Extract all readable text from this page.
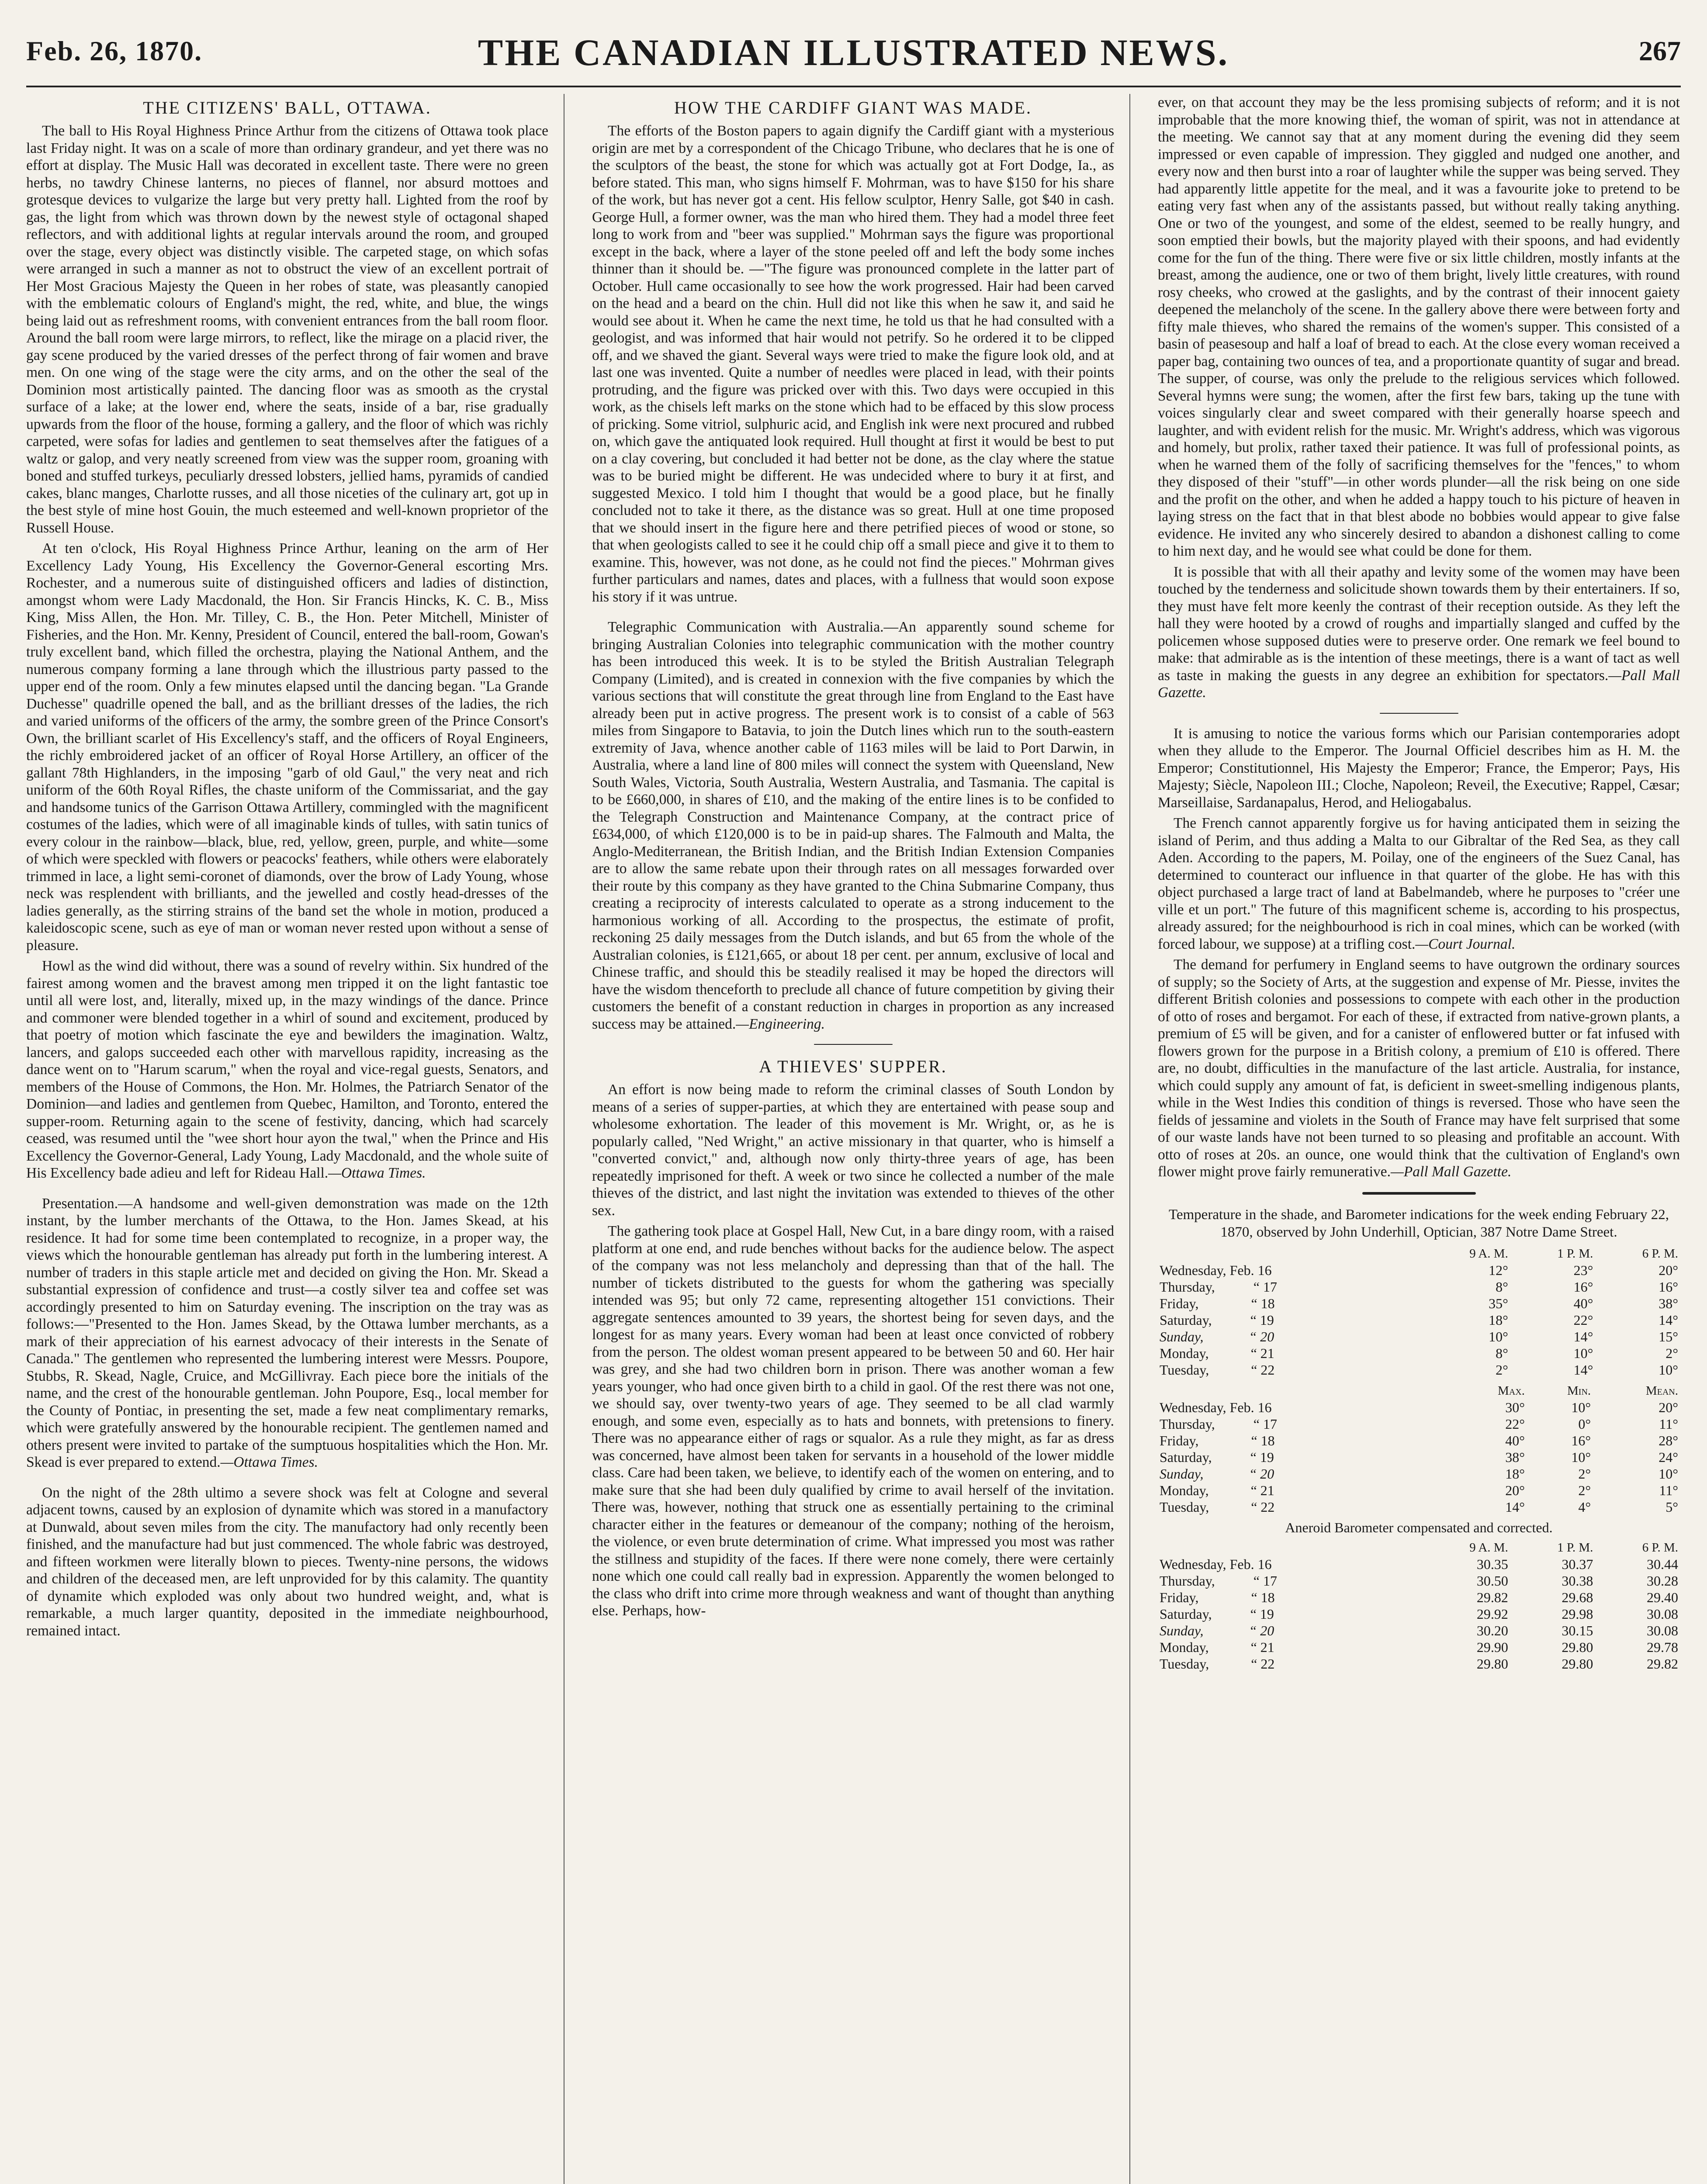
Feb. 26, 1870.	THE CANADIAN ILLUSTRATED NEWS.	267
THE CITIZENS' BALL, OTTAWA.

The ball to His Royal Highness Prince Arthur from the citizens of Ottawa took place last Friday night. It was on a scale of more than ordinary grandeur, and yet there was no effort at display. The Music Hall was decorated in excellent taste. There were no green herbs, no tawdry Chinese lanterns, no pieces of flannel, nor absurd mottoes and grotesque devices to vulgarize the large but very pretty hall. Lighted from the roof by gas, the light from which was thrown down by the newest style of octagonal shaped reflectors, and with additional lights at regular intervals around the room, and grouped over the stage, every object was distinctly visible. The carpeted stage, on which sofas were arranged in such a manner as not to obstruct the view of an excellent portrait of Her Most Gracious Majesty the Queen in her robes of state, was pleasantly canopied with the emblematic colours of England's might, the red, white, and blue, the wings being laid out as refreshment rooms, with convenient entrances from the ball room floor. Around the ball room were large mirrors, to reflect, like the mirage on a placid river, the gay scene produced by the varied dresses of the perfect throng of fair women and brave men. On one wing of the stage were the city arms, and on the other the seal of the Dominion most artistically painted. The dancing floor was as smooth as the crystal surface of a lake; at the lower end, where the seats, inside of a bar, rise gradually upwards from the floor of the house, forming a gallery, and the floor of which was richly carpeted, were sofas for ladies and gentlemen to seat themselves after the fatigues of a waltz or galop, and very neatly screened from view was the supper room, groaning with boned and stuffed turkeys, peculiarly dressed lobsters, jellied hams, pyramids of candied cakes, blanc manges, Charlotte russes, and all those niceties of the culinary art, got up in the best style of mine host Gouin, the much esteemed and well-known proprietor of the Russell House.

At ten o'clock, His Royal Highness Prince Arthur, leaning on the arm of Her Excellency Lady Young, His Excellency the Governor-General escorting Mrs. Rochester, and a numerous suite of distinguished officers and ladies of distinction, amongst whom were Lady Macdonald, the Hon. Sir Francis Hincks, K. C. B., Miss King, Miss Allen, the Hon. Mr. Tilley, C. B., the Hon. Peter Mitchell, Minister of Fisheries, and the Hon. Mr. Kenny, President of Council, entered the ball-room, Gowan's truly excellent band, which filled the orchestra, playing the National Anthem, and the numerous company forming a lane through which the illustrious party passed to the upper end of the room. Only a few minutes elapsed until the dancing began. "La Grande Duchesse" quadrille opened the ball, and as the brilliant dresses of the ladies, the rich and varied uniforms of the officers of the army, the sombre green of the Prince Consort's Own, the brilliant scarlet of His Excellency's staff, and the officers of Royal Engineers, the richly embroidered jacket of an officer of Royal Horse Artillery, an officer of the gallant 78th Highlanders, in the imposing "garb of old Gaul," the very neat and rich uniform of the 60th Royal Rifles, the chaste uniform of the Commissariat, and the gay and handsome tunics of the Garrison Ottawa Artillery, commingled with the magnificent costumes of the ladies, which were of all imaginable kinds of tulles, with satin tunics of every colour in the rainbow—black, blue, red, yellow, green, purple, and white—some of which were speckled with flowers or peacocks' feathers, while others were elaborately trimmed in lace, a light semi-coronet of diamonds, over the brow of Lady Young, whose neck was resplendent with brilliants, and the jewelled and costly head-dresses of the ladies generally, as the stirring strains of the band set the whole in motion, produced a kaleidoscopic scene, such as eye of man or woman never rested upon without a sense of pleasure.

Howl as the wind did without, there was a sound of revelry within. Six hundred of the fairest among women and the bravest among men tripped it on the light fantastic toe until all were lost, and, literally, mixed up, in the mazy windings of the dance. Prince and commoner were blended together in a whirl of sound and excitement, produced by that poetry of motion which fascinate the eye and bewilders the imagination. Waltz, lancers, and galops succeeded each other with marvellous rapidity, increasing as the dance went on to "Harum scarum," when the royal and vice-regal guests, Senators, and members of the House of Commons, the Hon. Mr. Holmes, the Patriarch Senator of the Dominion—and ladies and gentlemen from Quebec, Hamilton, and Toronto, entered the supper-room. Returning again to the scene of festivity, dancing, which had scarcely ceased, was resumed until the "wee short hour ayon the twal," when the Prince and His Excellency the Governor-General, Lady Young, Lady Macdonald, and the whole suite of His Excellency bade adieu and left for Rideau Hall.—Ottawa Times.

Presentation.—A handsome and well-given demonstration was made on the 12th instant, by the lumber merchants of the Ottawa, to the Hon. James Skead, at his residence. It had for some time been contemplated to recognize, in a proper way, the views which the honourable gentleman has already put forth in the lumbering interest. A number of traders in this staple article met and decided on giving the Hon. Mr. Skead a substantial expression of confidence and trust—a costly silver tea and coffee set was accordingly presented to him on Saturday evening. The inscription on the tray was as follows:—"Presented to the Hon. James Skead, by the Ottawa lumber merchants, as a mark of their appreciation of his earnest advocacy of their interests in the Senate of Canada." The gentlemen who represented the lumbering interest were Messrs. Poupore, Stubbs, R. Skead, Nagle, Cruice, and McGillivray. Each piece bore the initials of the name, and the crest of the honourable gentleman. John Poupore, Esq., local member for the County of Pontiac, in presenting the set, made a few neat complimentary remarks, which were gratefully answered by the honourable recipient. The gentlemen named and others present were invited to partake of the sumptuous hospitalities which the Hon. Mr. Skead is ever prepared to extend.—Ottawa Times.

On the night of the 28th ultimo a severe shock was felt at Cologne and several adjacent towns, caused by an explosion of dynamite which was stored in a manufactory at Dunwald, about seven miles from the city. The manufactory had only recently been finished, and the manufacture had but just commenced. The whole fabric was destroyed, and fifteen workmen were literally blown to pieces. Twenty-nine persons, the widows and children of the deceased men, are left unprovided for by this calamity. The quantity of dynamite which exploded was only about two hundred weight, and, what is remarkable, a much larger quantity, deposited in the immediate neighbourhood, remained intact.

HOW THE CARDIFF GIANT WAS MADE.

The efforts of the Boston papers to again dignify the Cardiff giant with a mysterious origin are met by a correspondent of the Chicago Tribune, who declares that he is one of the sculptors of the beast, the stone for which was actually got at Fort Dodge, Ia., as before stated. This man, who signs himself F. Mohrman, was to have $150 for his share of the work, but has never got a cent. His fellow sculptor, Henry Salle, got $40 in cash. George Hull, a former owner, was the man who hired them. They had a model three feet long to work from and "beer was supplied." Mohrman says the figure was proportional except in the back, where a layer of the stone peeled off and left the body some inches thinner than it should be. —"The figure was pronounced complete in the latter part of October. Hull came occasionally to see how the work progressed. Hair had been carved on the head and a beard on the chin. Hull did not like this when he saw it, and said he would see about it. When he came the next time, he told us that he had consulted with a geologist, and was informed that hair would not petrify. So he ordered it to be clipped off, and we shaved the giant. Several ways were tried to make the figure look old, and at last one was invented. Quite a number of needles were placed in lead, with their points protruding, and the figure was pricked over with this. Two days were occupied in this work, as the chisels left marks on the stone which had to be effaced by this slow process of pricking. Some vitriol, sulphuric acid, and English ink were next procured and rubbed on, which gave the antiquated look required. Hull thought at first it would be best to put on a clay covering, but concluded it had better not be done, as the clay where the statue was to be buried might be different. He was undecided where to bury it at first, and suggested Mexico. I told him I thought that would be a good place, but he finally concluded not to take it there, as the distance was so great. Hull at one time proposed that we should insert in the figure here and there petrified pieces of wood or stone, so that when geologists called to see it he could chip off a small piece and give it to them to examine. This, however, was not done, as he could not find the pieces." Mohrman gives further particulars and names, dates and places, with a fullness that would soon expose his story if it was untrue.

Telegraphic Communication with Australia.—An apparently sound scheme for bringing Australian Colonies into telegraphic communication with the mother country has been introduced this week. It is to be styled the British Australian Telegraph Company (Limited), and is created in connexion with the five companies by which the various sections that will constitute the great through line from England to the East have already been put in active progress. The present work is to consist of a cable of 563 miles from Singapore to Batavia, to join the Dutch lines which run to the south-eastern extremity of Java, whence another cable of 1163 miles will be laid to Port Darwin, in Australia, where a land line of 800 miles will connect the system with Queensland, New South Wales, Victoria, South Australia, Western Australia, and Tasmania. The capital is to be £660,000, in shares of £10, and the making of the entire lines is to be confided to the Telegraph Construction and Maintenance Company, at the contract price of £634,000, of which £120,000 is to be in paid-up shares. The Falmouth and Malta, the Anglo-Mediterranean, the British Indian, and the British Indian Extension Companies are to allow the same rebate upon their through rates on all messages forwarded over their route by this company as they have granted to the China Submarine Company, thus creating a reciprocity of interests calculated to operate as a strong inducement to the harmonious working of all. According to the prospectus, the estimate of profit, reckoning 25 daily messages from the Dutch islands, and but 65 from the whole of the Australian colonies, is £121,665, or about 18 per cent. per annum, exclusive of local and Chinese traffic, and should this be steadily realised it may be hoped the directors will have the wisdom thenceforth to preclude all chance of future competition by giving their customers the benefit of a constant reduction in charges in proportion as any increased success may be attained.—Engineering.

A THIEVES' SUPPER.

An effort is now being made to reform the criminal classes of South London by means of a series of supper-parties, at which they are entertained with pease soup and wholesome exhortation. The leader of this movement is Mr. Wright, or, as he is popularly called, "Ned Wright," an active missionary in that quarter, who is himself a "converted convict," and, although now only thirty-three years of age, has been repeatedly imprisoned for theft. A week or two since he collected a number of the male thieves of the district, and last night the invitation was extended to thieves of the other sex.

The gathering took place at Gospel Hall, New Cut, in a bare dingy room, with a raised platform at one end, and rude benches without backs for the audience below. The aspect of the company was not less melancholy and depressing than that of the hall. The number of tickets distributed to the guests for whom the gathering was specially intended was 95; but only 72 came, representing altogether 151 convictions. Their aggregate sentences amounted to 39 years, the shortest being for seven days, and the longest for as many years. Every woman had been at least once convicted of robbery from the person. The oldest woman present appeared to be between 50 and 60. Her hair was grey, and she had two children born in prison. There was another woman a few years younger, who had once given birth to a child in gaol. Of the rest there was not one, we should say, over twenty-two years of age. They seemed to be all clad warmly enough, and some even, especially as to hats and bonnets, with pretensions to finery. There was no appearance either of rags or squalor. As a rule they might, as far as dress was concerned, have almost been taken for servants in a household of the lower middle class. Care had been taken, we believe, to identify each of the women on entering, and to make sure that she had been duly qualified by crime to avail herself of the invitation. There was, however, nothing that struck one as essentially pertaining to the criminal character either in the features or demeanour of the company; nothing of the heroism, the violence, or even brute determination of crime. What impressed you most was rather the stillness and stupidity of the faces. If there were none comely, there were certainly none which one could call really bad in expression. Apparently the women belonged to the class who drift into crime more through weakness and want of thought than anything else. Perhaps, how-

ever, on that account they may be the less promising subjects of reform; and it is not improbable that the more knowing thief, the woman of spirit, was not in attendance at the meeting. We cannot say that at any moment during the evening did they seem impressed or even capable of impression. They giggled and nudged one another, and every now and then burst into a roar of laughter while the supper was being served. They had apparently little appetite for the meal, and it was a favourite joke to pretend to be eating very fast when any of the assistants passed, but without really taking anything. One or two of the youngest, and some of the eldest, seemed to be really hungry, and soon emptied their bowls, but the majority played with their spoons, and had evidently come for the fun of the thing. There were five or six little children, mostly infants at the breast, among the audience, one or two of them bright, lively little creatures, with round rosy cheeks, who crowed at the gaslights, and by the contrast of their innocent gaiety deepened the melancholy of the scene. In the gallery above there were between forty and fifty male thieves, who shared the remains of the women's supper. This consisted of a basin of peasesoup and half a loaf of bread to each. At the close every woman received a paper bag, containing two ounces of tea, and a proportionate quantity of sugar and bread. The supper, of course, was only the prelude to the religious services which followed. Several hymns were sung; the women, after the first few bars, taking up the tune with voices singularly clear and sweet compared with their generally hoarse speech and laughter, and with evident relish for the music. Mr. Wright's address, which was vigorous and homely, but prolix, rather taxed their patience. It was full of professional points, as when he warned them of the folly of sacrificing themselves for the "fences," to whom they disposed of their "stuff"—in other words plunder—all the risk being on one side and the profit on the other, and when he added a happy touch to his picture of heaven in laying stress on the fact that in that blest abode no bobbies would appear to give false evidence. He invited any who sincerely desired to abandon a dishonest calling to come to him next day, and he would see what could be done for them.

It is possible that with all their apathy and levity some of the women may have been touched by the tenderness and solicitude shown towards them by their entertainers. If so, they must have felt more keenly the contrast of their reception outside. As they left the hall they were hooted by a crowd of roughs and impartially slanged and cuffed by the policemen whose supposed duties were to preserve order. One remark we feel bound to make: that admirable as is the intention of these meetings, there is a want of tact as well as taste in making the guests in any degree an exhibition for spectators.—Pall Mall Gazette.

It is amusing to notice the various forms which our Parisian contemporaries adopt when they allude to the Emperor. The Journal Officiel describes him as H. M. the Emperor; Constitutionnel, His Majesty the Emperor; France, the Emperor; Pays, His Majesty; Siècle, Napoleon III.; Cloche, Napoleon; Reveil, the Executive; Rappel, Cæsar; Marseillaise, Sardanapalus, Herod, and Heliogabalus.

The French cannot apparently forgive us for having anticipated them in seizing the island of Perim, and thus adding a Malta to our Gibraltar of the Red Sea, as they call Aden. According to the papers, M. Poilay, one of the engineers of the Suez Canal, has determined to counteract our influence in that quarter of the globe. He has with this object purchased a large tract of land at Babelmandeb, where he purposes to "créer une ville et un port." The future of this magnificent scheme is, according to his prospectus, already assured; for the neighbourhood is rich in coal mines, which can be worked (with forced labour, we suppose) at a trifling cost.—Court Journal.

The demand for perfumery in England seems to have outgrown the ordinary sources of supply; so the Society of Arts, at the suggestion and expense of Mr. Piesse, invites the different British colonies and possessions to compete with each other in the production of otto of roses and bergamot. For each of these, if extracted from native-grown plants, a premium of £5 will be given, and for a canister of enflowered butter or fat infused with flowers grown for the purpose in a British colony, a premium of £10 is offered. There are, no doubt, difficulties in the manufacture of the last article. Australia, for instance, which could supply any amount of fat, is deficient in sweet-smelling indigenous plants, while in the West Indies this condition of things is reversed. Those who have seen the fields of jessamine and violets in the South of France may have felt surprised that some of our waste lands have not been turned to so pleasing and profitable an account. With otto of roses at 20s. an ounce, one would think that the cultivation of England's own flower might prove fairly remunerative.—Pall Mall Gazette.

Temperature in the shade, and Barometer indications for the week ending February 22, 1870, observed by John Underhill, Optician, 387 Notre Dame Street.
	9 A. M.	1 P. M.	6 P. M.
Wednesday, Feb. 16	12°	23°	20°
Thursday,           “ 17	8°	16°	16°
Friday,               “ 18	35°	40°	38°
Saturday,           “ 19	18°	22°	14°
Sunday,             “ 20	10°	14°	15°
Monday,            “ 21	8°	10°	2°
Tuesday,            “ 22	2°	14°	10°
	Max.	Min.	Mean.
Wednesday, Feb. 16	30°	10°	20°
Thursday,           “ 17	22°	0°	11°
Friday,               “ 18	40°	16°	28°
Saturday,           “ 19	38°	10°	24°
Sunday,             “ 20	18°	2°	10°
Monday,            “ 21	20°	2°	11°
Tuesday,            “ 22	14°	4°	5°
Aneroid Barometer compensated and corrected.
	9 A. M.	1 P. M.	6 P. M.
Wednesday, Feb. 16	30.35	30.37	30.44
Thursday,           “ 17	30.50	30.38	30.28
Friday,               “ 18	29.82	29.68	29.40
Saturday,           “ 19	29.92	29.98	30.08
Sunday,             “ 20	30.20	30.15	30.08
Monday,            “ 21	29.90	29.80	29.78
Tuesday,            “ 22	29.80	29.80	29.82
